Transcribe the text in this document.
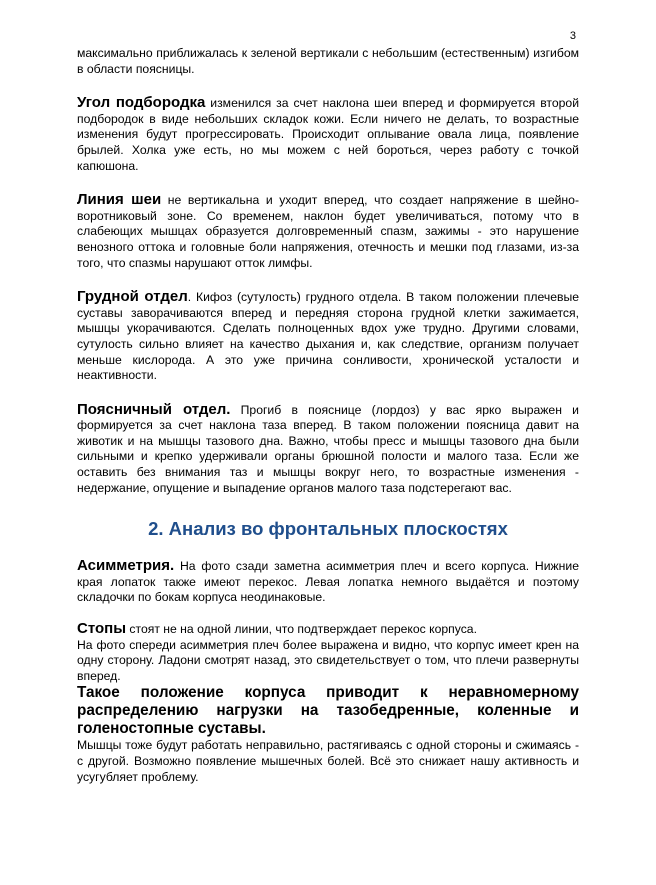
3

максимально приближалась к зеленой вертикали с небольшим (естественным) изгибом в области поясницы.

Угол подбородка изменился за счет наклона шеи вперед и формируется второй подбородок в виде небольших складок кожи. Если ничего не делать, то возрастные изменения будут прогрессировать. Происходит оплывание овала лица, появление брылей. Холка уже есть, но мы можем с ней бороться, через работу с точкой капюшона.

Линия шеи не вертикальна и уходит вперед, что создает напряжение в шейно-воротниковый зоне. Со временем, наклон будет увеличиваться, потому что в слабеющих мышцах образуется долговременный спазм, зажимы - это нарушение венозного оттока и головные боли напряжения, отечность и мешки под глазами, из-за того, что спазмы нарушают отток лимфы.

Грудной отдел. Кифоз (сутулость) грудного отдела. В таком положении плечевые суставы заворачиваются вперед и передняя сторона грудной клетки зажимается, мышцы укорачиваются. Сделать полноценных вдох уже трудно. Другими словами, сутулость сильно влияет на качество дыхания и, как следствие, организм получает меньше кислорода. А это уже причина сонливости, хронической усталости и неактивности.

Поясничный отдел. Прогиб в пояснице (лордоз) у вас ярко выражен и формируется за счет наклона таза вперед. В таком положении поясница давит на животик и на мышцы тазового дна. Важно, чтобы пресс и мышцы тазового дна были сильными и крепко удерживали органы брюшной полости и малого таза. Если же оставить без внимания таз и мышцы вокруг него, то возрастные изменения - недержание, опущение и выпадение органов малого таза подстерегают вас.

2. Анализ во фронтальных плоскостях

Асимметрия. На фото сзади заметна асимметрия плеч и всего корпуса. Нижние края лопаток также имеют перекос. Левая лопатка немного выдаётся и поэтому складочки по бокам корпуса неодинаковые.

Стопы стоят не на одной линии, что подтверждает перекос корпуса.

На фото спереди асимметрия плеч более выражена и видно, что корпус имеет крен на одну сторону. Ладони смотрят назад, это свидетельствует о том, что плечи развернуты вперед.

Такое положение корпуса приводит к неравномерному распределению нагрузки на тазобедренные, коленные и голеностопные суставы.

Мышцы тоже будут работать неправильно, растягиваясь с одной стороны и сжимаясь - с другой. Возможно появление мышечных болей. Всё это снижает нашу активность и усугубляет проблему.
